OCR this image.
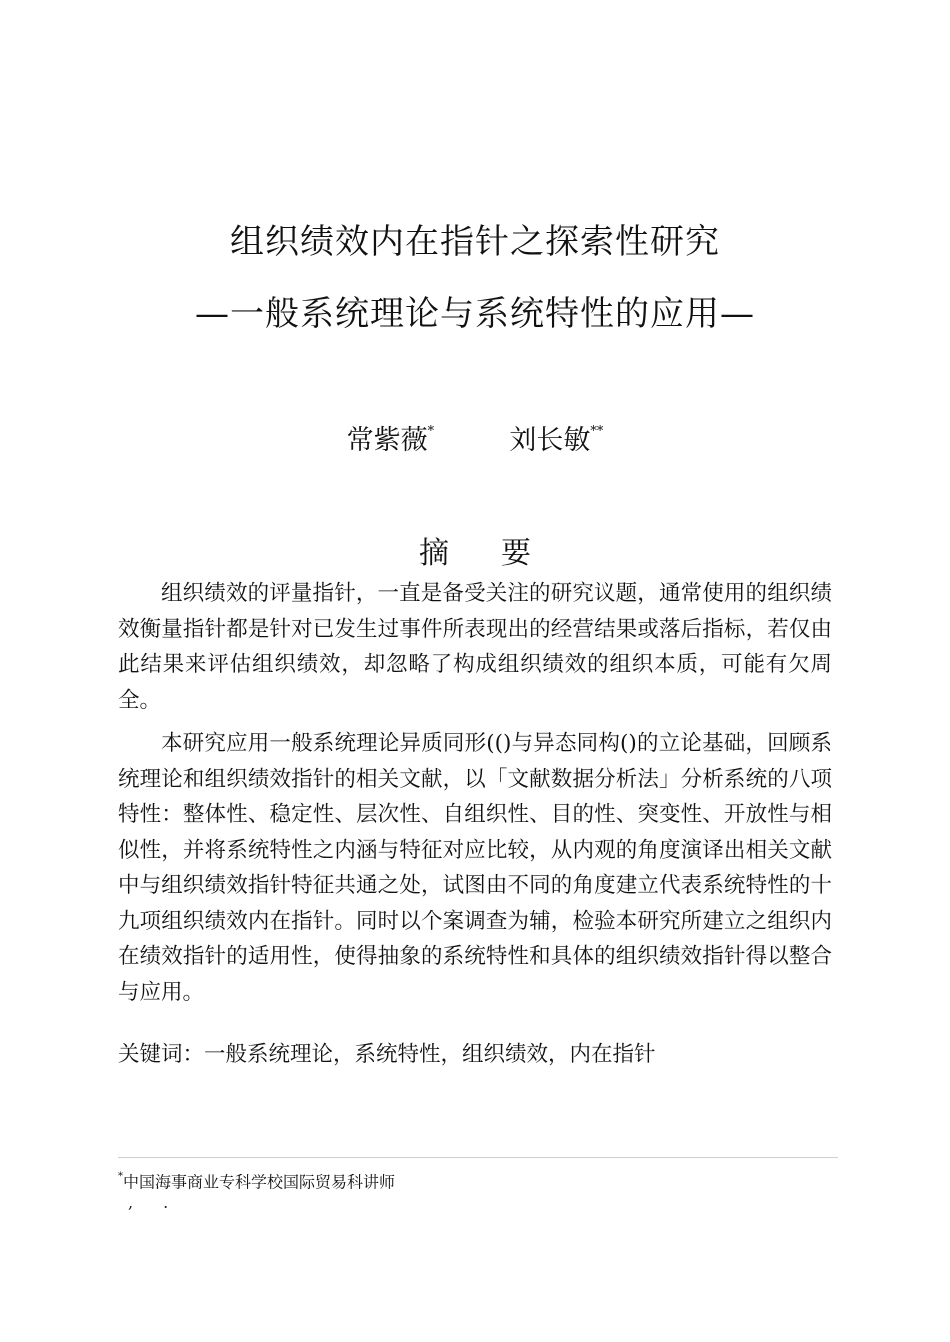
组织绩效内在指针之探索性研究
—一般系统理论与系统特性的应用—
常紫薇*	刘长敏**
摘 要

组织绩效的评量指针，一直是备受关注的研究议题，通常使用的组织绩效衡量指针都是针对已发生过事件所表现出的经营结果或落后指标，若仅由此结果来评估组织绩效，却忽略了构成组织绩效的组织本质，可能有欠周全。

本研究应用一般系统理论异质同形(()与异态同构()的立论基础，回顾系统理论和组织绩效指针的相关文献，以「文献数据分析法」分析系统的八项特性：整体性、稳定性、层次性、自组织性、目的性、突变性、开放性与相似性，并将系统特性之内涵与特征对应比较，从内观的角度演译出相关文献中与组织绩效指针特征共通之处，试图由不同的角度建立代表系统特性的十九项组织绩效内在指针。同时以个案调查为辅，检验本研究所建立之组织内在绩效指针的适用性，使得抽象的系统特性和具体的组织绩效指针得以整合与应用。

关键词：一般系统理论，系统特性，组织绩效，内在指针

*中国海事商业专科学校国际贸易科讲师

, .
